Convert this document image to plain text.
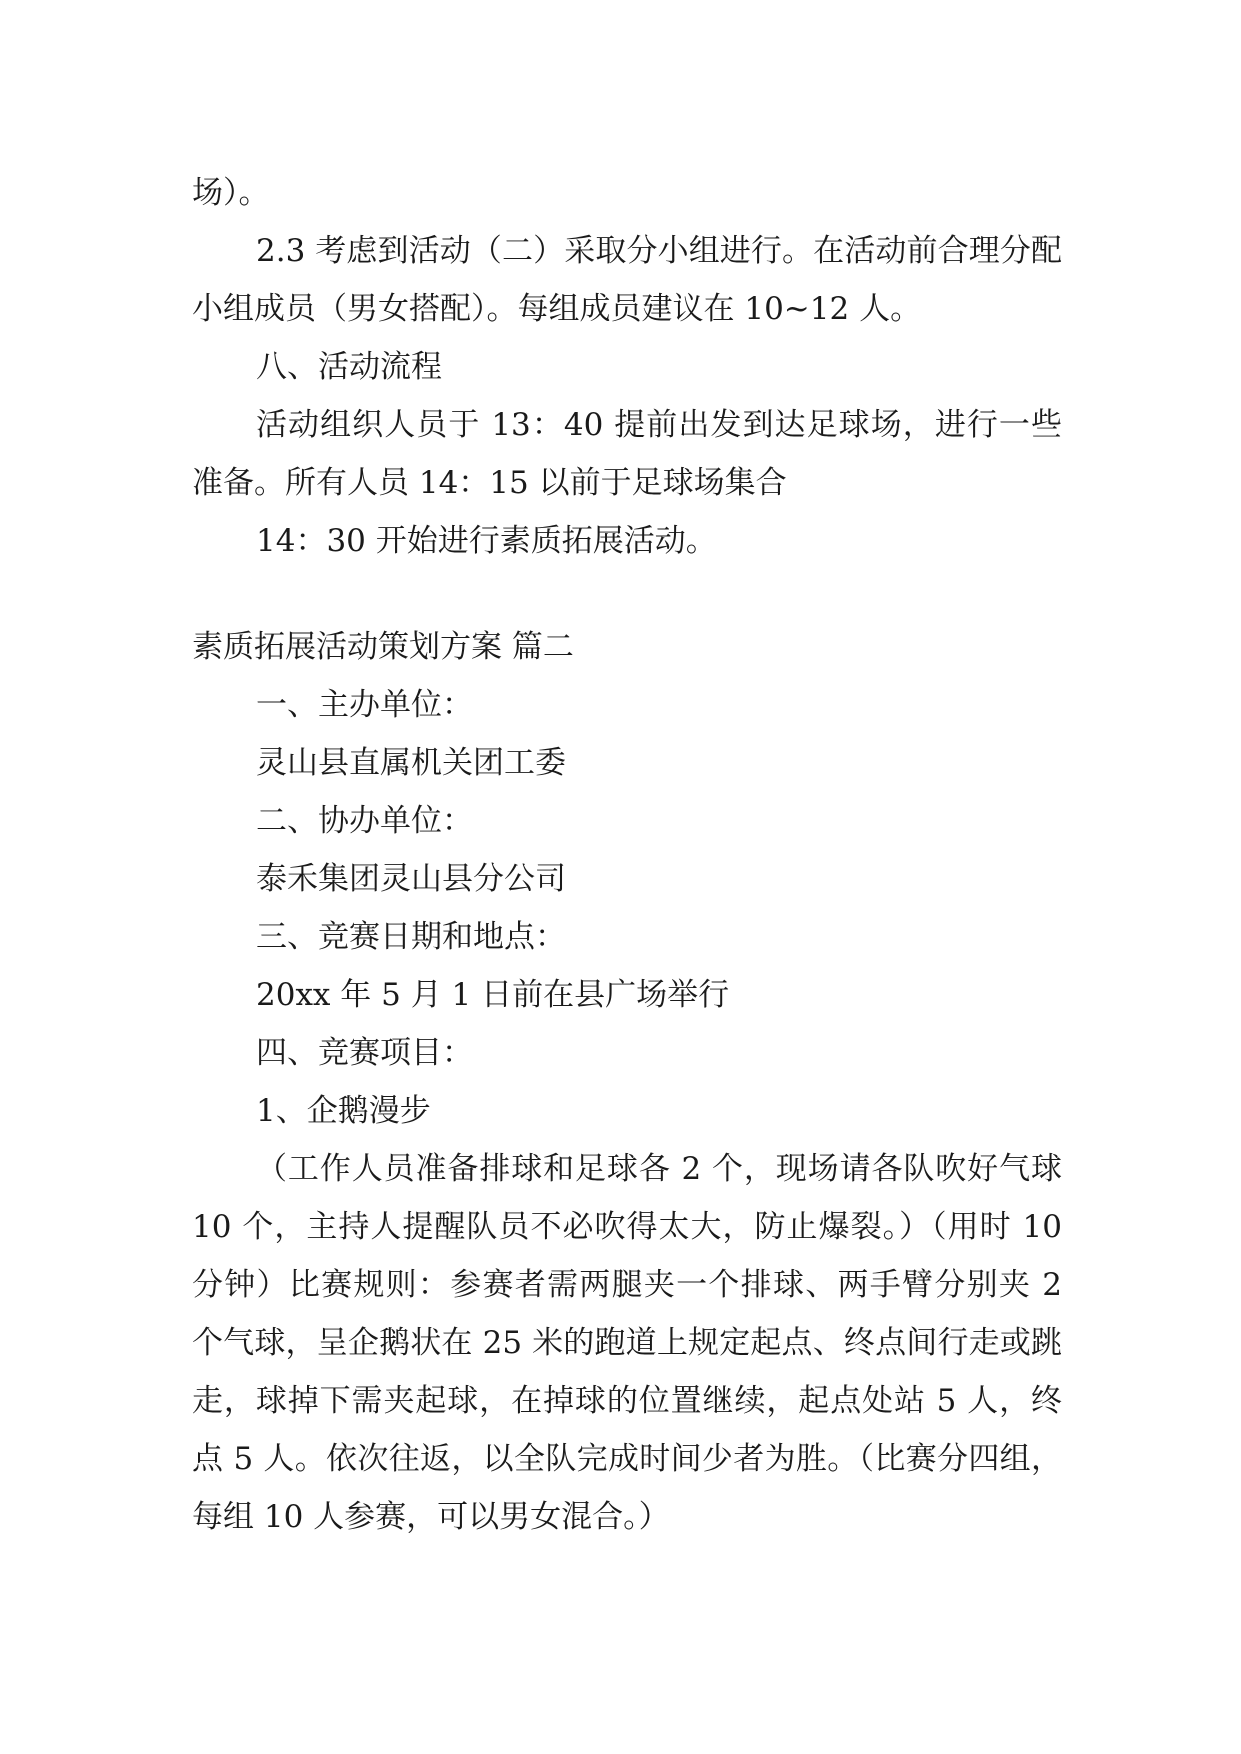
场）。

2.3 考虑到活动（二）采取分小组进行。在活动前合理分配小组成员（男女搭配）。每组成员建议在 10~12 人。

八、活动流程

活动组织人员于 13：40 提前出发到达足球场，进行一些准备。所有人员 14：15 以前于足球场集合

14：30 开始进行素质拓展活动。

素质拓展活动策划方案 篇二

一、主办单位：

灵山县直属机关团工委

二、协办单位：

泰禾集团灵山县分公司

三、竞赛日期和地点：

20xx 年 5 月 1 日前在县广场举行

四、竞赛项目：

1、企鹅漫步

（工作人员准备排球和足球各 2 个，现场请各队吹好气球 10 个，主持人提醒队员不必吹得太大，防止爆裂。）（用时 10 分钟）比赛规则：参赛者需两腿夹一个排球、两手臂分别夹 2 个气球，呈企鹅状在 25 米的跑道上规定起点、终点间行走或跳走，球掉下需夹起球，在掉球的位置继续，起点处站 5 人，终点 5 人。依次往返，以全队完成时间少者为胜。（比赛分四组，每组 10 人参赛，可以男女混合。）
